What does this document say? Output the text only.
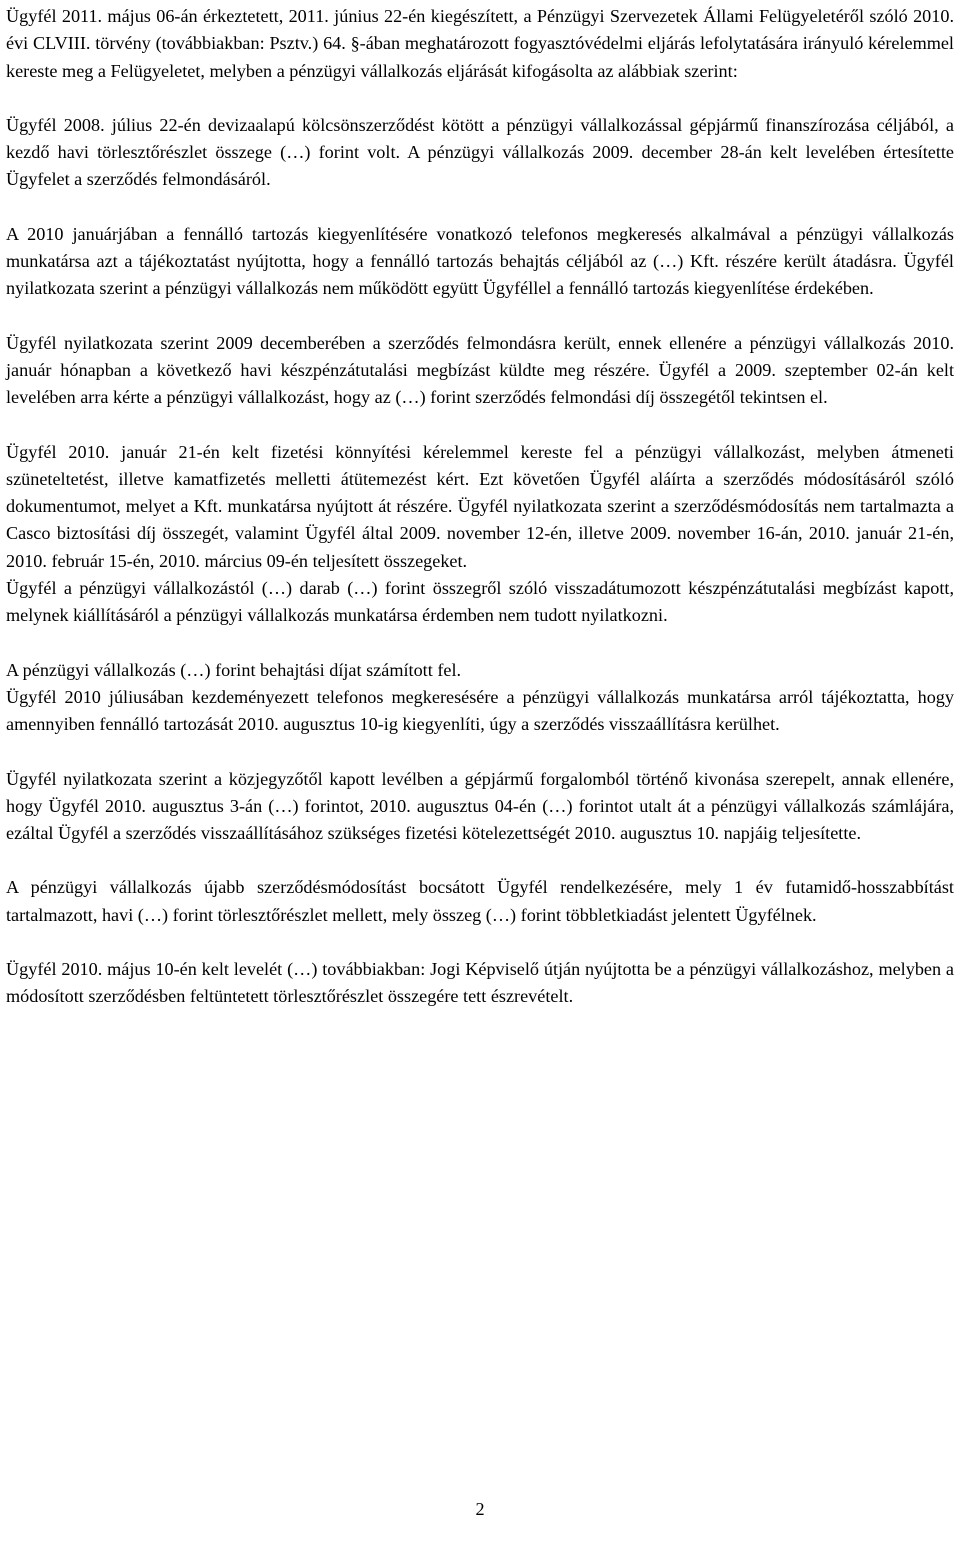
Ügyfél 2011. május 06-án érkeztetett, 2011. június 22-én kiegészített, a Pénzügyi Szervezetek Állami Felügyeletéről szóló 2010. évi CLVIII. törvény (továbbiakban: Psztv.) 64. §-ában meghatározott fogyasztóvédelmi eljárás lefolytatására irányuló kérelemmel kereste meg a Felügyeletet, melyben a pénzügyi vállalkozás eljárását kifogásolta az alábbiak szerint:

Ügyfél 2008. július 22-én devizaalapú kölcsönszerződést kötött a pénzügyi vállalkozással gépjármű finanszírozása céljából, a kezdő havi törlesztőrészlet összege (…) forint volt. A pénzügyi vállalkozás 2009. december 28-án kelt levelében értesítette Ügyfelet a szerződés felmondásáról.

A 2010 januárjában a fennálló tartozás kiegyenlítésére vonatkozó telefonos megkeresés alkalmával a pénzügyi vállalkozás munkatársa azt a tájékoztatást nyújtotta, hogy a fennálló tartozás behajtás céljából az (…) Kft. részére került átadásra. Ügyfél nyilatkozata szerint a pénzügyi vállalkozás nem működött együtt Ügyféllel a fennálló tartozás kiegyenlítése érdekében.

Ügyfél nyilatkozata szerint 2009 decemberében a szerződés felmondásra került, ennek ellenére a pénzügyi vállalkozás 2010. január hónapban a következő havi készpénzátutalási megbízást küldte meg részére. Ügyfél a 2009. szeptember 02-án kelt levelében arra kérte a pénzügyi vállalkozást, hogy az (…) forint szerződés felmondási díj összegétől tekintsen el.

Ügyfél 2010. január 21-én kelt fizetési könnyítési kérelemmel kereste fel a pénzügyi vállalkozást, melyben átmeneti szüneteltetést, illetve kamatfizetés melletti átütemezést kért. Ezt követően Ügyfél aláírta a szerződés módosításáról szóló dokumentumot, melyet a Kft. munkatársa nyújtott át részére. Ügyfél nyilatkozata szerint a szerződésmódosítás nem tartalmazta a Casco biztosítási díj összegét, valamint Ügyfél által 2009. november 12-én, illetve 2009. november 16-án, 2010. január 21-én, 2010. február 15-én, 2010. március 09-én teljesített összegeket.

Ügyfél a pénzügyi vállalkozástól (…) darab (…) forint összegről szóló visszadátumozott készpénzátutalási megbízást kapott, melynek kiállításáról a pénzügyi vállalkozás munkatársa érdemben nem tudott nyilatkozni.

A pénzügyi vállalkozás (…) forint behajtási díjat számított fel.

Ügyfél 2010 júliusában kezdeményezett telefonos megkeresésére a pénzügyi vállalkozás munkatársa arról tájékoztatta, hogy amennyiben fennálló tartozását 2010. augusztus 10-ig kiegyenlíti, úgy a szerződés visszaállításra kerülhet.

Ügyfél nyilatkozata szerint a közjegyzőtől kapott levélben a gépjármű forgalomból történő kivonása szerepelt, annak ellenére, hogy Ügyfél 2010. augusztus 3-án (…) forintot, 2010. augusztus 04-én (…) forintot utalt át a pénzügyi vállalkozás számlájára, ezáltal Ügyfél a szerződés visszaállításához szükséges fizetési kötelezettségét 2010. augusztus 10. napjáig teljesítette.

A pénzügyi vállalkozás újabb szerződésmódosítást bocsátott Ügyfél rendelkezésére, mely 1 év futamidő-hosszabbítást tartalmazott, havi (…) forint törlesztőrészlet mellett, mely összeg (…) forint többletkiadást jelentett Ügyfélnek.

Ügyfél 2010. május 10-én kelt levelét (…) továbbiakban: Jogi Képviselő útján nyújtotta be a pénzügyi vállalkozáshoz, melyben a módosított szerződésben feltüntetett törlesztőrészlet összegére tett észrevételt.

2
